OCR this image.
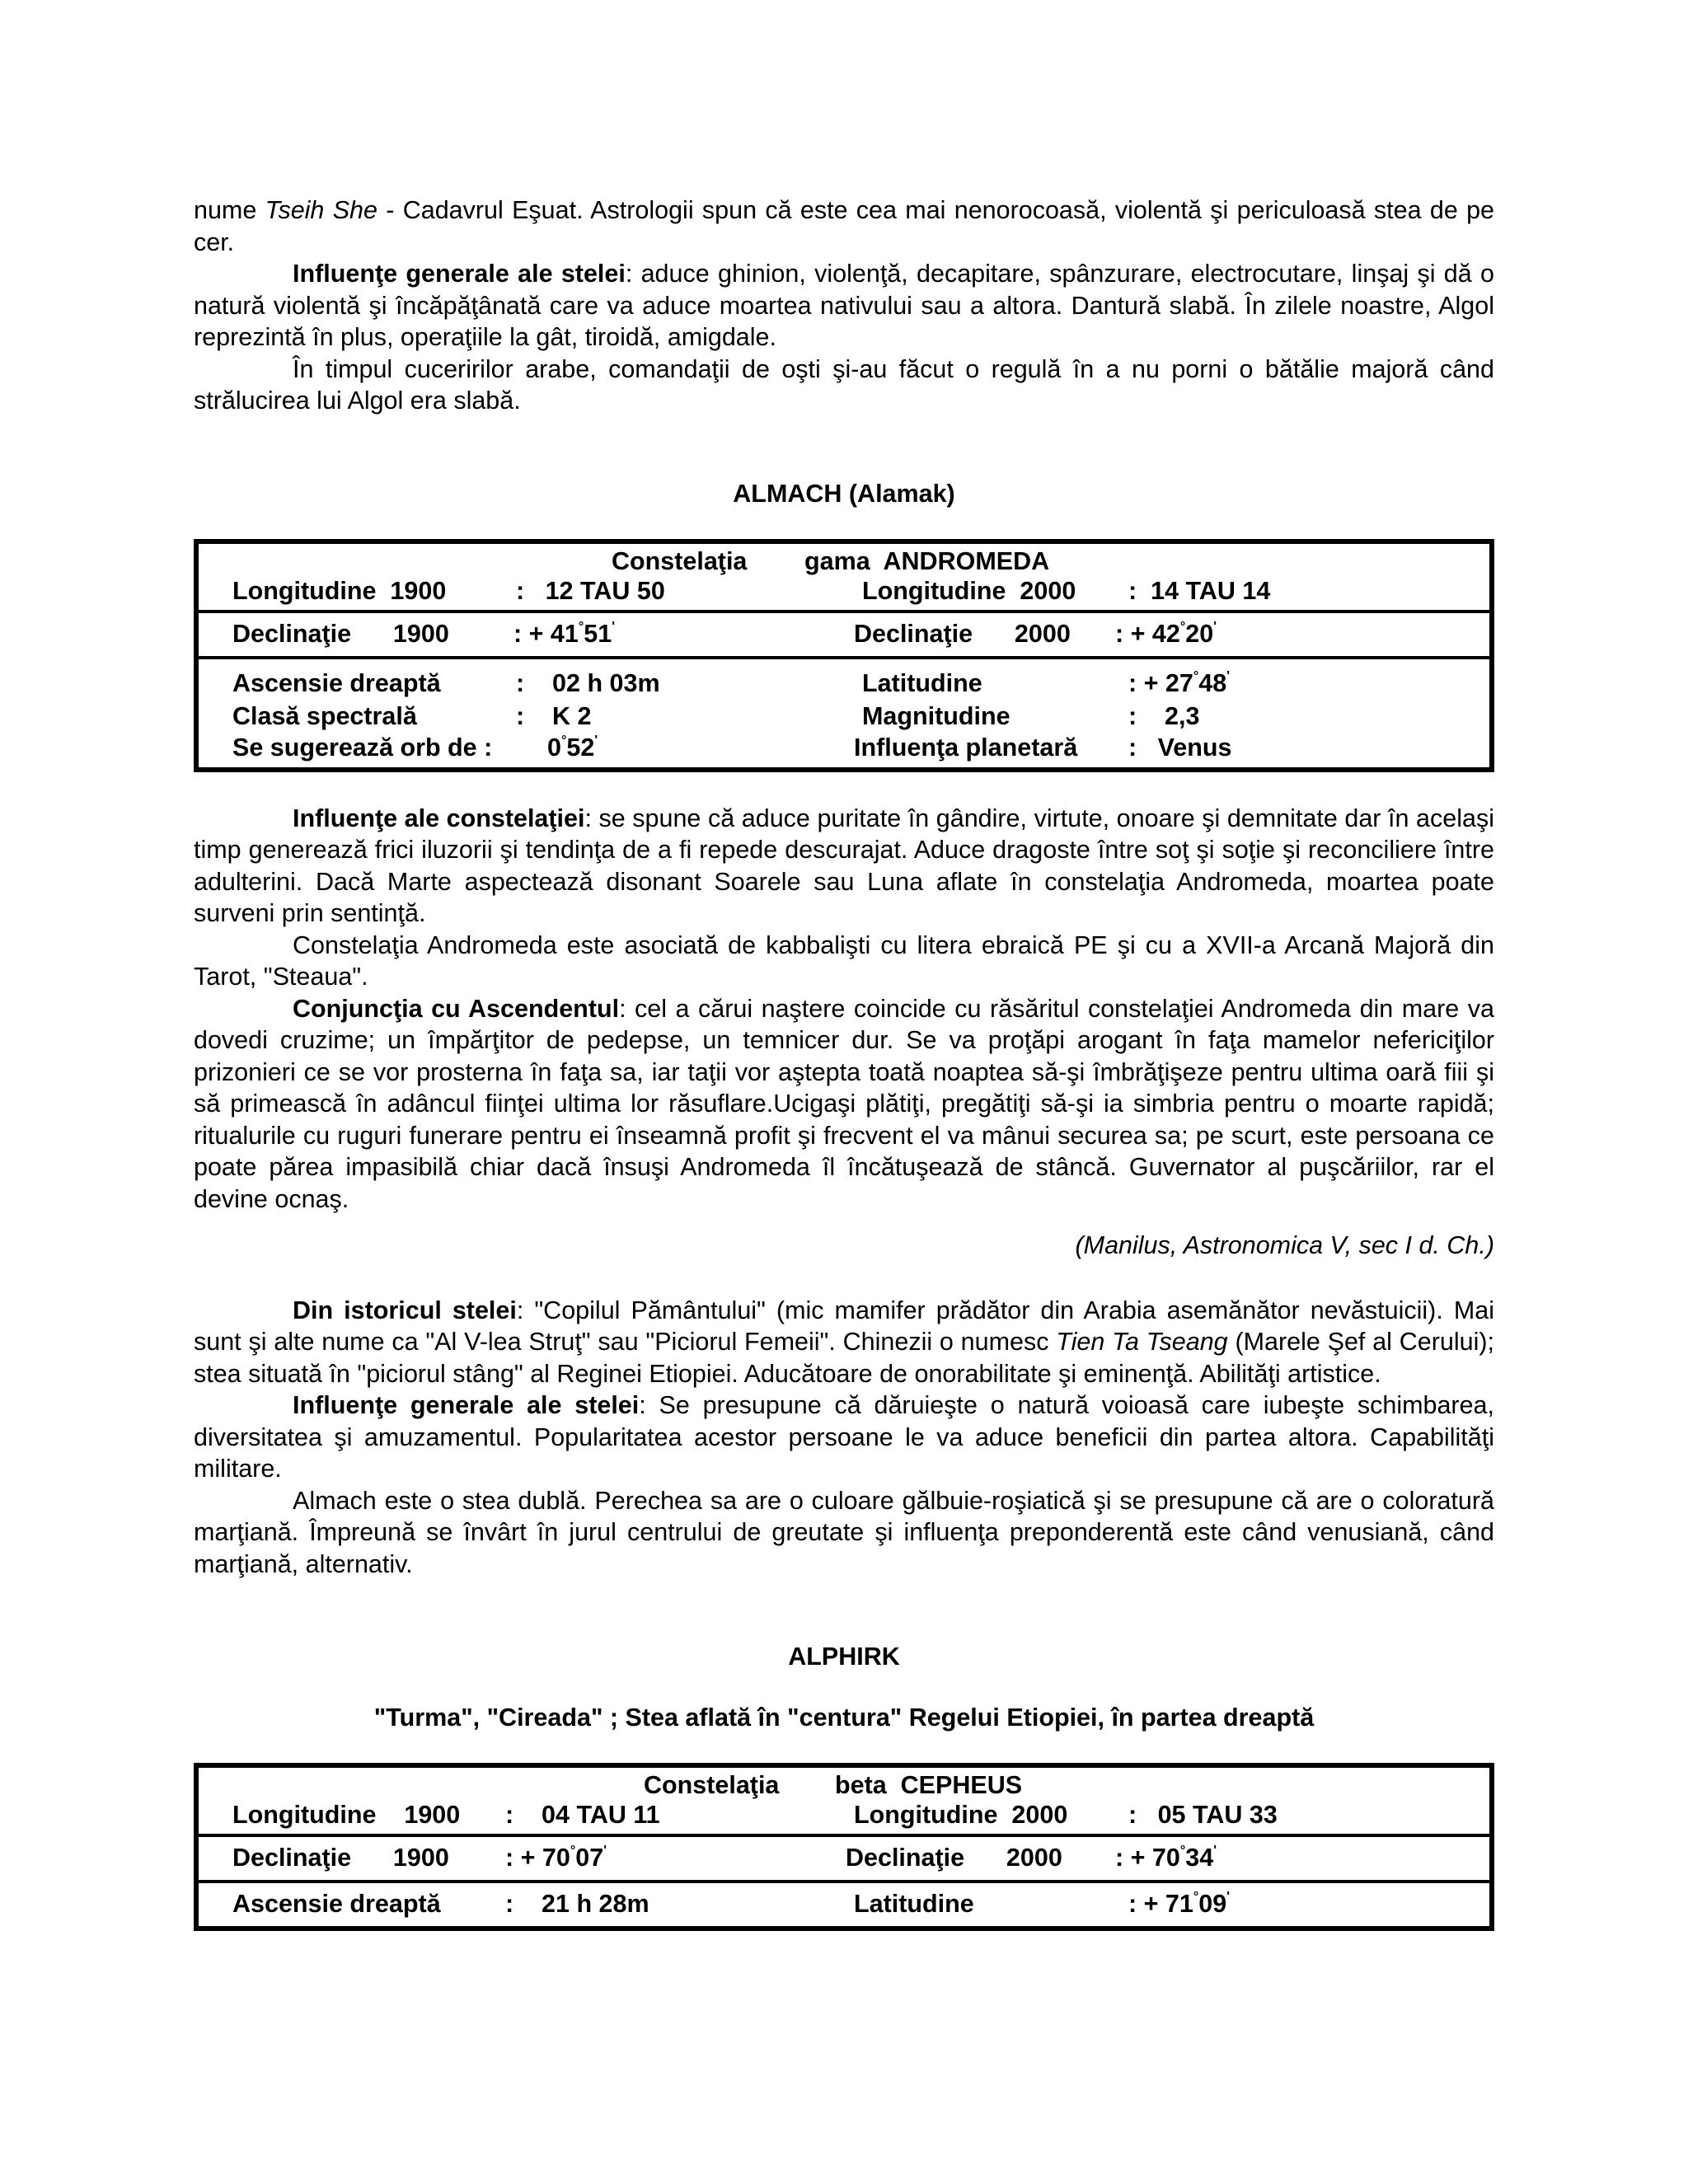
nume Tseih She - Cadavrul Eşuat. Astrologii spun că este cea mai nenorocoasă, violentă şi periculoasă stea de pe cer.

Influenţe generale ale stelei: aduce ghinion, violenţă, decapitare, spânzurare, electrocutare, linşaj şi dă o natură violentă şi încăpăţânată care va aduce moartea nativului sau a altora. Dantură slabă. În zilele noastre, Algol reprezintă în plus, operaţiile la gât, tiroidă, amigdale.

În timpul cuceririlor arabe, comandaţii de oşti şi-au făcut o regulă în a nu porni o bătălie majoră când strălucirea lui Algol era slabă.

ALMACH (Alamak)
Constelaţia gama  ANDROMEDA
Longitudine  1900	:   12 TAU 50	Longitudine  2000 :  14 TAU 14
Declinaţie      1900	: + 41°51'	Declinaţie      2000 : + 42°20'
Ascensie dreaptă	:    02 h 03m	Latitudine	: + 27°48'
Clasă spectrală	:    K 2	Magnitudine	:    2,3
Se sugerează orb de : 0°52'	Influenţa planetară :   Venus

Influenţe ale constelaţiei: se spune că aduce puritate în gândire, virtute, onoare şi demnitate dar în acelaşi timp generează frici iluzorii şi tendinţa de a fi repede descurajat. Aduce dragoste între soţ şi soţie şi reconciliere între adulterini. Dacă Marte aspectează disonant Soarele sau Luna aflate în constelaţia Andromeda, moartea poate surveni prin sentinţă.

Constelaţia Andromeda este asociată de kabbalişti cu litera ebraică PE şi cu a XVII-a Arcană Majoră din Tarot, "Steaua".

Conjuncţia cu Ascendentul: cel a cărui naştere coincide cu răsăritul constelaţiei Andromeda din mare va dovedi cruzime; un împărţitor de pedepse, un temnicer dur. Se va proţăpi arogant în faţa mamelor nefericiţilor prizonieri ce se vor prosterna în faţa sa, iar taţii vor aştepta toată noaptea să-şi îmbrăţişeze pentru ultima oară fiii şi să primească în adâncul fiinţei ultima lor răsuflare.Ucigaşi plătiţi, pregătiţi să-şi ia simbria pentru o moarte rapidă; ritualurile cu ruguri funerare pentru ei înseamnă profit şi frecvent el va mânui securea sa; pe scurt, este persoana ce poate părea impasibilă chiar dacă însuşi Andromeda îl încătuşează de stâncă. Guvernator al puşcăriilor, rar el devine ocnaş.

(Manilus, Astronomica V, sec I d. Ch.)

Din istoricul stelei: "Copilul Pământului" (mic mamifer prădător din Arabia asemănător nevăstuicii). Mai sunt şi alte nume ca "Al V-lea Struţ" sau "Piciorul Femeii". Chinezii o numesc Tien Ta Tseang (Marele Şef al Cerului); stea situată în "piciorul stâng" al Reginei Etiopiei. Aducătoare de onorabilitate şi eminenţă. Abilităţi artistice.

Influenţe generale ale stelei: Se presupune că dăruieşte o natură voioasă care iubeşte schimbarea, diversitatea şi amuzamentul. Popularitatea acestor persoane le va aduce beneficii din partea altora. Capabilităţi militare.

Almach este o stea dublă. Perechea sa are o culoare gălbuie-roşiatică şi se presupune că are o coloratură marţiană. Împreună se învârt în jurul centrului de greutate şi influenţa preponderentă este când venusiană, când marţiană, alternativ.

ALPHIRK
"Turma", "Cireada" ; Stea aflată în "centura" Regelui Etiopiei, în partea dreaptă
Constelaţia beta  CEPHEUS
Longitudine    1900 :    04 TAU 11	Longitudine  2000 :   05 TAU 33
Declinaţie      1900 : + 70°07'	Declinaţie      2000 : + 70°34'
Ascensie dreaptă	:    21 h 28m	Latitudine	: + 71°09'
